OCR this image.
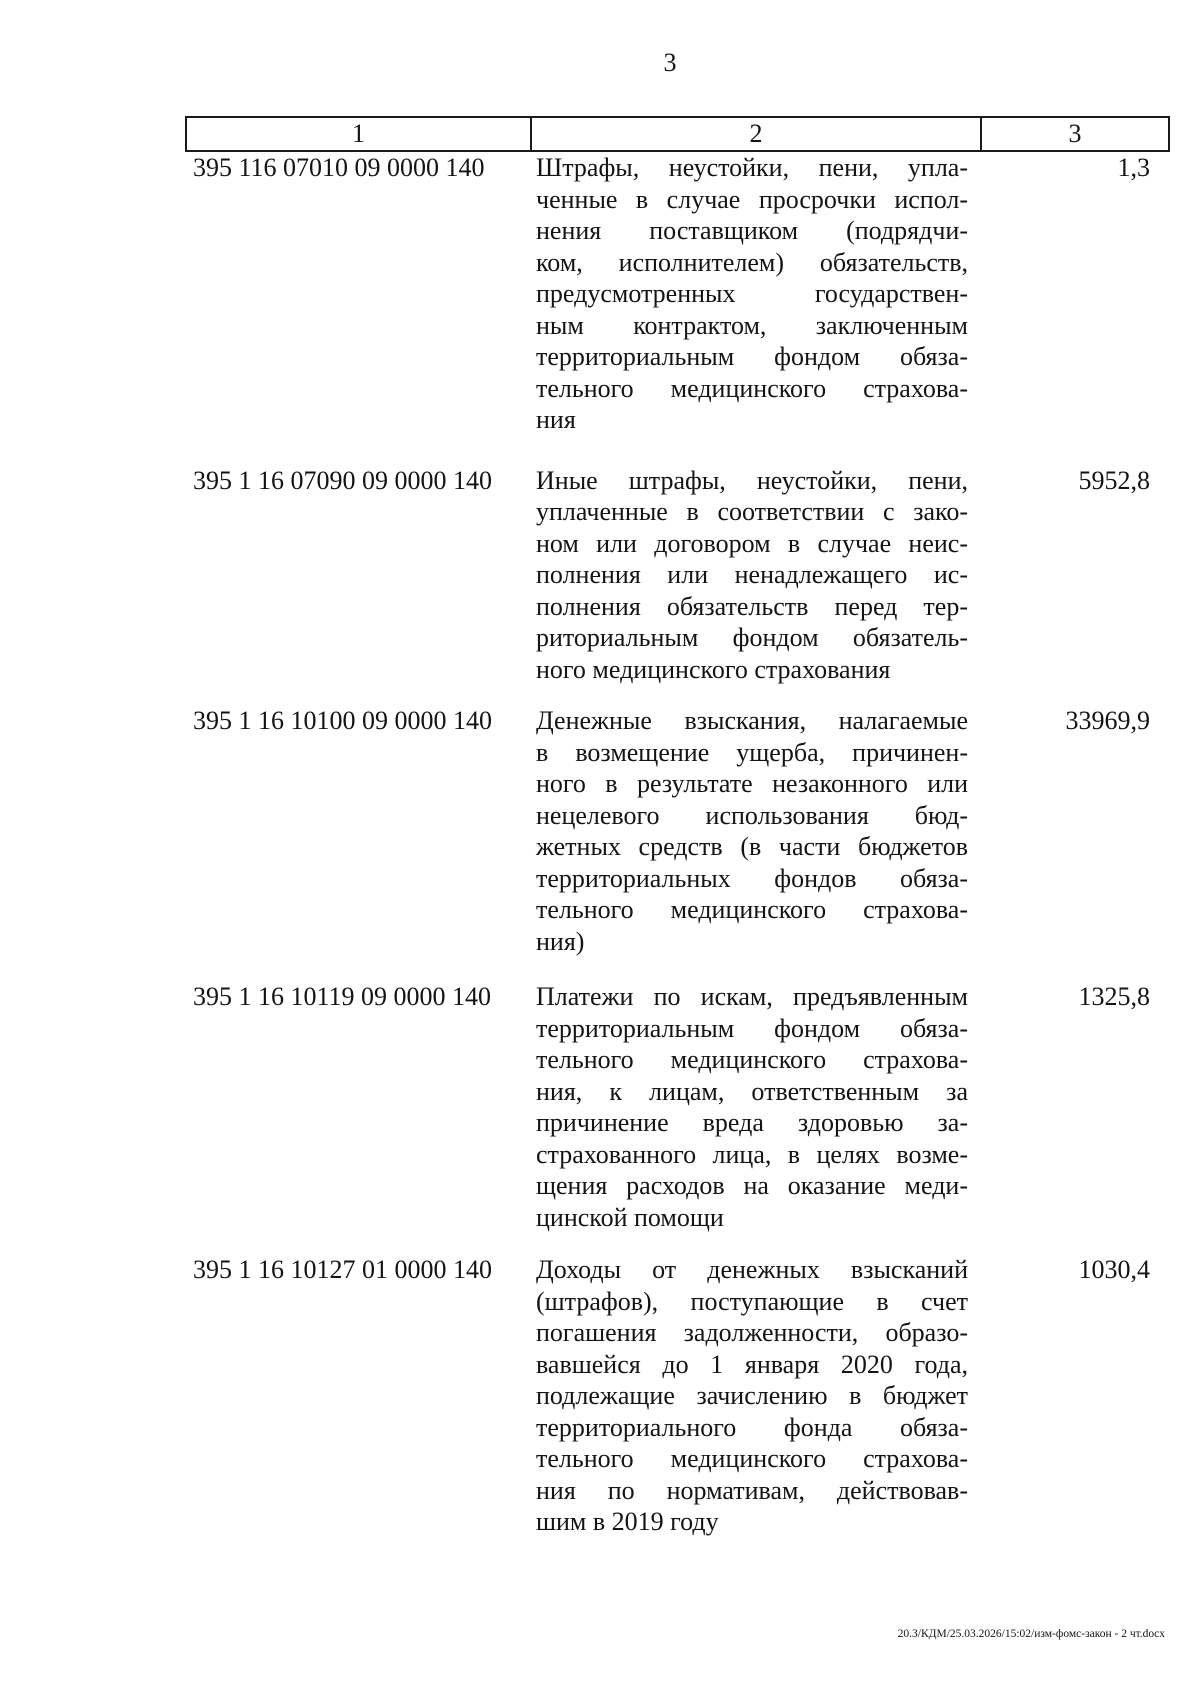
3
1	2	3
395 116 07010 09 0000 140	Штрафы, неустойки, пени, упла-
ченные в случае просрочки испол-
нения поставщиком (подрядчи-
ком, исполнителем) обязательств,
предусмотренных государствен-
ным контрактом, заключенным
территориальным фондом обяза-
тельного медицинского страхова-
ния
1,3
395 1 16 07090 09 0000 140	Иные штрафы, неустойки, пени,
уплаченные в соответствии с зако-
ном или договором в случае неис-
полнения или ненадлежащего ис-
полнения обязательств перед тер-
риториальным фондом обязатель-
ного медицинского страхования
5952,8
395 1 16 10100 09 0000 140	Денежные взыскания, налагаемые
в возмещение ущерба, причинен-
ного в результате незаконного или
нецелевого использования бюд-
жетных средств (в части бюджетов
территориальных фондов обяза-
тельного медицинского страхова-
ния)
33969,9
395 1 16 10119 09 0000 140	Платежи по искам, предъявленным
территориальным фондом обяза-
тельного медицинского страхова-
ния, к лицам, ответственным за
причинение вреда здоровью за-
страхованного лица, в целях возме-
щения расходов на оказание меди-
цинской помощи
1325,8
395 1 16 10127 01 0000 140	Доходы от денежных взысканий
(штрафов), поступающие в счет
погашения задолженности, образо-
вавшейся до 1 января 2020 года,
подлежащие зачислению в бюджет
территориального фонда обяза-
тельного медицинского страхова-
ния по нормативам, действовав-
шим в 2019 году
1030,4
20.3/КДМ/25.03.2026/15:02/изм-фомс-закон - 2 чт.docx
